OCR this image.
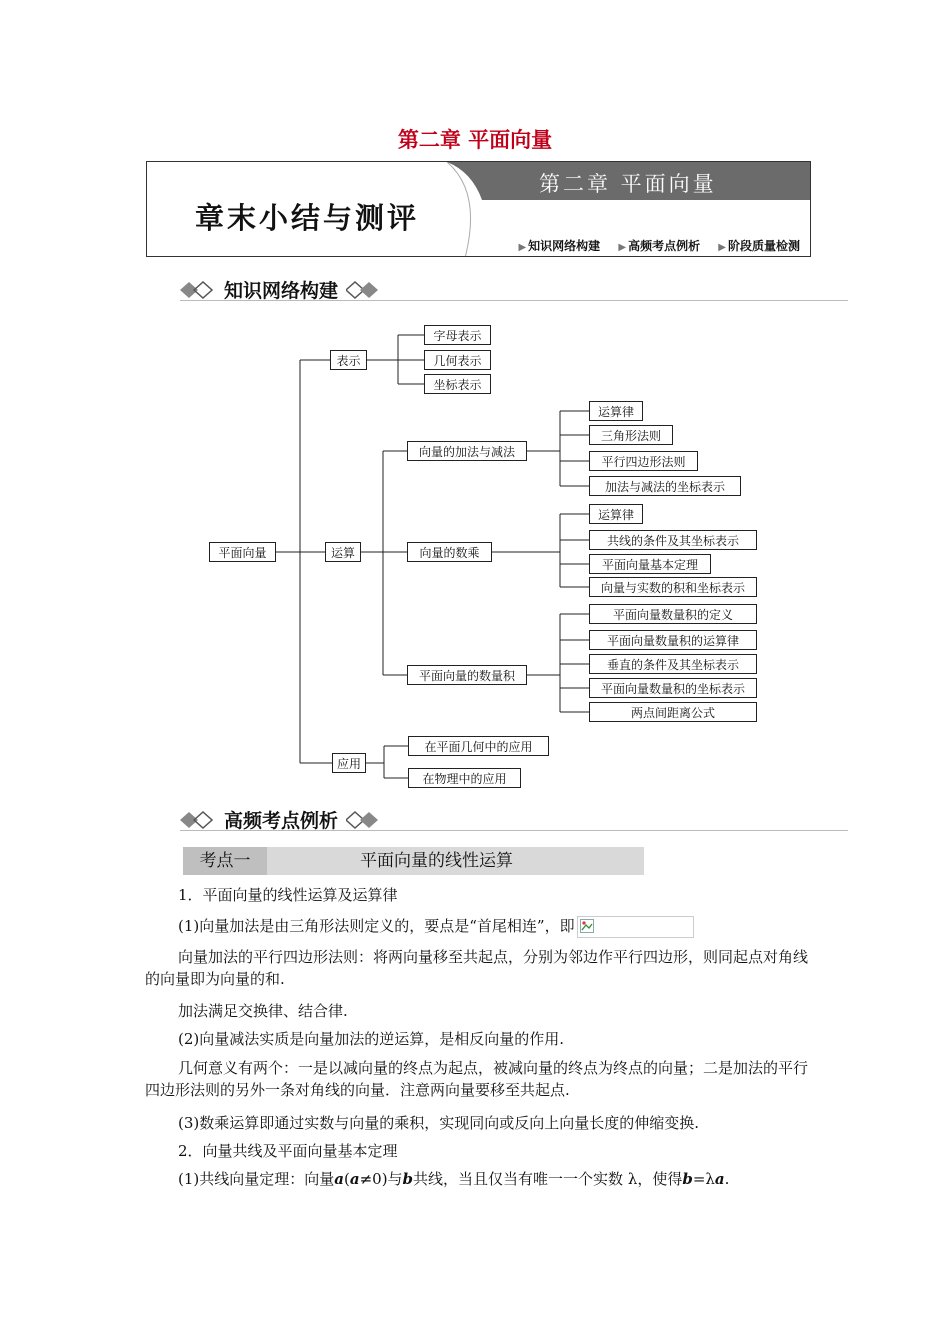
第二章 平面向量
章末小结与测评
第二章 平面向量
▶ 知识网络构建 ▶ 高频考点例析 ▶ 阶段质量检测
知识网络构建
平面向量
表示
运算
应用
字母表示
几何表示
坐标表示
向量的加法与减法
向量的数乘
平面向量的数量积
运算律
三角形法则
平行四边形法则
加法与减法的坐标表示
运算律
共线的条件及其坐标表示
平面向量基本定理
向量与实数的积和坐标表示
平面向量数量积的定义
平面向量数量积的运算律
垂直的条件及其坐标表示
平面向量数量积的坐标表示
两点间距离公式
在平面几何中的应用
在物理中的应用
高频考点例析
考点一	平面向量的线性运算
1．平面向量的线性运算及运算律
(1)向量加法是由三角形法则定义的，要点是“首尾相连”，即
向量加法的平行四边形法则：将两向量移至共起点，分别为邻边作平行四边形，则同起点对角线的向量即为向量的和.
加法满足交换律、结合律.
(2)向量减法实质是向量加法的逆运算，是相反向量的作用.
几何意义有两个：一是以减向量的终点为起点，被减向量的终点为终点的向量；二是加法的平行四边形法则的另外一条对角线的向量．注意两向量要移至共起点.
(3)数乘运算即通过实数与向量的乘积，实现同向或反向上向量长度的伸缩变换.
2．向量共线及平面向量基本定理
(1)共线向量定理：向量a(a≠0)与b共线，当且仅当有唯一一个实数 λ，使得b=λa.
